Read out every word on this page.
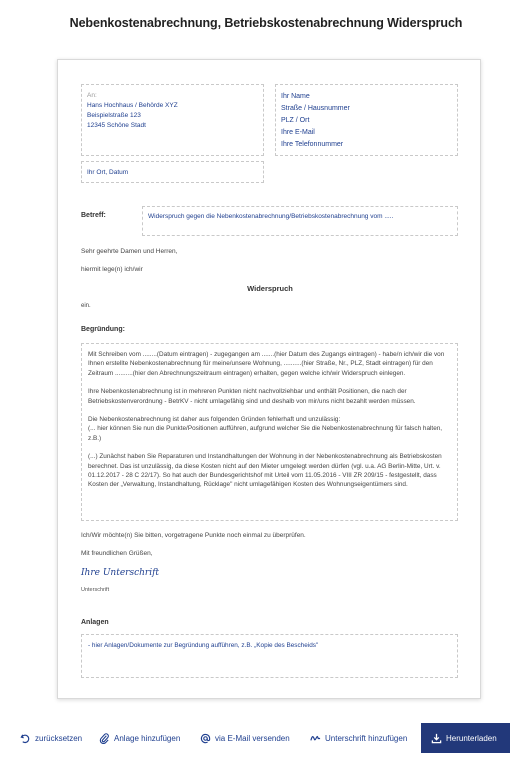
Nebenkostenabrechnung, Betriebskostenabrechnung Widerspruch
An:
Hans Hochhaus / Behörde XYZ
Beispielstraße 123
12345 Schöne Stadt
Ihr Name
Straße / Hausnummer
PLZ / Ort
Ihre E-Mail
Ihre Telefonnummer
Ihr Ort, Datum
Betreff:	Widerspruch gegen die Nebenkostenabrechnung/Betriebskostenabrechnung vom .....
Sehr geehrte Damen und Herren,
hiermit lege(n) ich/wir
Widerspruch
ein.
Begründung:

Mit Schreiben vom ........(Datum eintragen) - zugegangen am .......(hier Datum des Zugangs eintragen) - habe/n ich/wir die von Ihnen erstellte Nebenkostenabrechnung für meine/unsere Wohnung, ..........(hier Straße, Nr., PLZ, Stadt eintragen) für den Zeitraum ..........(hier den Abrechnungszeitraum eintragen) erhalten, gegen welche ich/wir Widerspruch einlegen.

Ihre Nebenkostenabrechnung ist in mehreren Punkten nicht nachvollziehbar und enthält Positionen, die nach der Betriebskostenverordnung - BetrKV - nicht umlagefähig sind und deshalb von mir/uns nicht bezahlt werden müssen.

Die Nebenkostenabrechnung ist daher aus folgenden Gründen fehlerhaft und unzulässig:
(... hier können Sie nun die Punkte/Positionen aufführen, aufgrund welcher Sie die Nebenkostenabrechnung für falsch halten, z.B.)

(...) Zunächst haben Sie Reparaturen und Instandhaltungen der Wohnung in der Nebenkostenabrechnung als Betriebskosten berechnet. Das ist unzulässig, da diese Kosten nicht auf den Mieter umgelegt werden dürfen (vgl. u.a. AG Berlin-Mitte, Urt. v. 01.12.2017 - 28 C 22/17). So hat auch der Bundesgerichtshof mit Urteil vom 11.05.2016 - VIII ZR 209/15 - festgestellt, dass Kosten der „Verwaltung, Instandhaltung, Rücklage" nicht umlagefähigen Kosten des Wohnungseigentümers sind.

Ich/Wir möchte(n) Sie bitten, vorgetragene Punkte noch einmal zu überprüfen.
Mit freundlichen Grüßen,
Ihre Unterschrift
Unterschrift
Anlagen
- hier Anlagen/Dokumente zur Begründung aufführen, z.B. „Kopie des Bescheids"
zurücksetzen	Anlage hinzufügen	via E-Mail versenden	Unterschrift hinzufügen	Herunterladen
